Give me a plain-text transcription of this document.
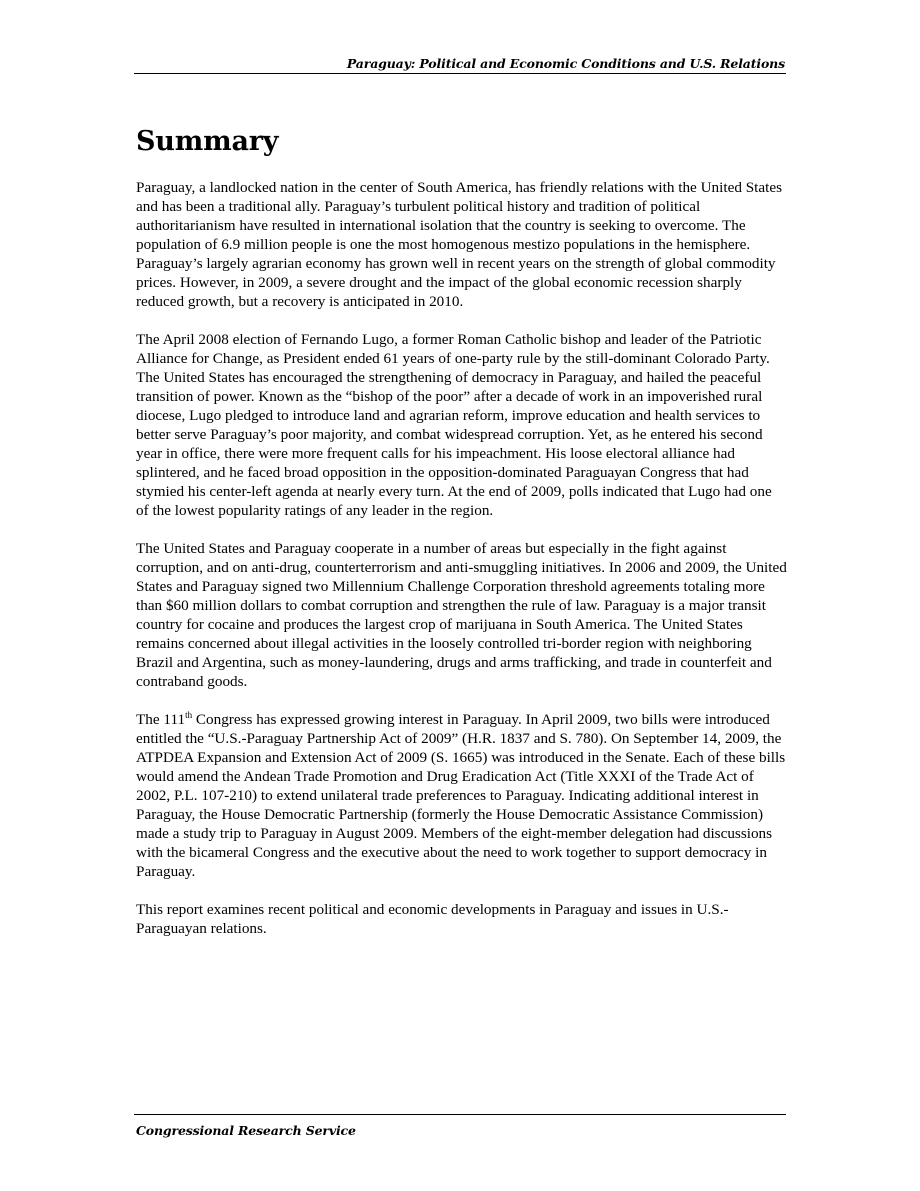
Paraguay: Political and Economic Conditions and U.S. Relations
Summary

Paraguay, a landlocked nation in the center of South America, has friendly relations with the United States and has been a traditional ally. Paraguay’s turbulent political history and tradition of political authoritarianism have resulted in international isolation that the country is seeking to overcome. The population of 6.9 million people is one the most homogenous mestizo populations in the hemisphere. Paraguay’s largely agrarian economy has grown well in recent years on the strength of global commodity prices. However, in 2009, a severe drought and the impact of the global economic recession sharply reduced growth, but a recovery is anticipated in 2010.

The April 2008 election of Fernando Lugo, a former Roman Catholic bishop and leader of the Patriotic Alliance for Change, as President ended 61 years of one-party rule by the still-dominant Colorado Party. The United States has encouraged the strengthening of democracy in Paraguay, and hailed the peaceful transition of power. Known as the “bishop of the poor” after a decade of work in an impoverished rural diocese, Lugo pledged to introduce land and agrarian reform, improve education and health services to better serve Paraguay’s poor majority, and combat widespread corruption. Yet, as he entered his second year in office, there were more frequent calls for his impeachment. His loose electoral alliance had splintered, and he faced broad opposition in the opposition-dominated Paraguayan Congress that had stymied his center-left agenda at nearly every turn. At the end of 2009, polls indicated that Lugo had one of the lowest popularity ratings of any leader in the region.

The United States and Paraguay cooperate in a number of areas but especially in the fight against corruption, and on anti-drug, counterterrorism and anti-smuggling initiatives. In 2006 and 2009, the United States and Paraguay signed two Millennium Challenge Corporation threshold agreements totaling more than $60 million dollars to combat corruption and strengthen the rule of law. Paraguay is a major transit country for cocaine and produces the largest crop of marijuana in South America. The United States remains concerned about illegal activities in the loosely controlled tri-border region with neighboring Brazil and Argentina, such as money-laundering, drugs and arms trafficking, and trade in counterfeit and contraband goods.

The 111th Congress has expressed growing interest in Paraguay. In April 2009, two bills were introduced entitled the “U.S.-Paraguay Partnership Act of 2009” (H.R. 1837 and S. 780). On September 14, 2009, the ATPDEA Expansion and Extension Act of 2009 (S. 1665) was introduced in the Senate. Each of these bills would amend the Andean Trade Promotion and Drug Eradication Act (Title XXXI of the Trade Act of 2002, P.L. 107-210) to extend unilateral trade preferences to Paraguay. Indicating additional interest in Paraguay, the House Democratic Partnership (formerly the House Democratic Assistance Commission) made a study trip to Paraguay in August 2009. Members of the eight-member delegation had discussions with the bicameral Congress and the executive about the need to work together to support democracy in Paraguay.

This report examines recent political and economic developments in Paraguay and issues in U.S.-Paraguayan relations.

Congressional Research Service
